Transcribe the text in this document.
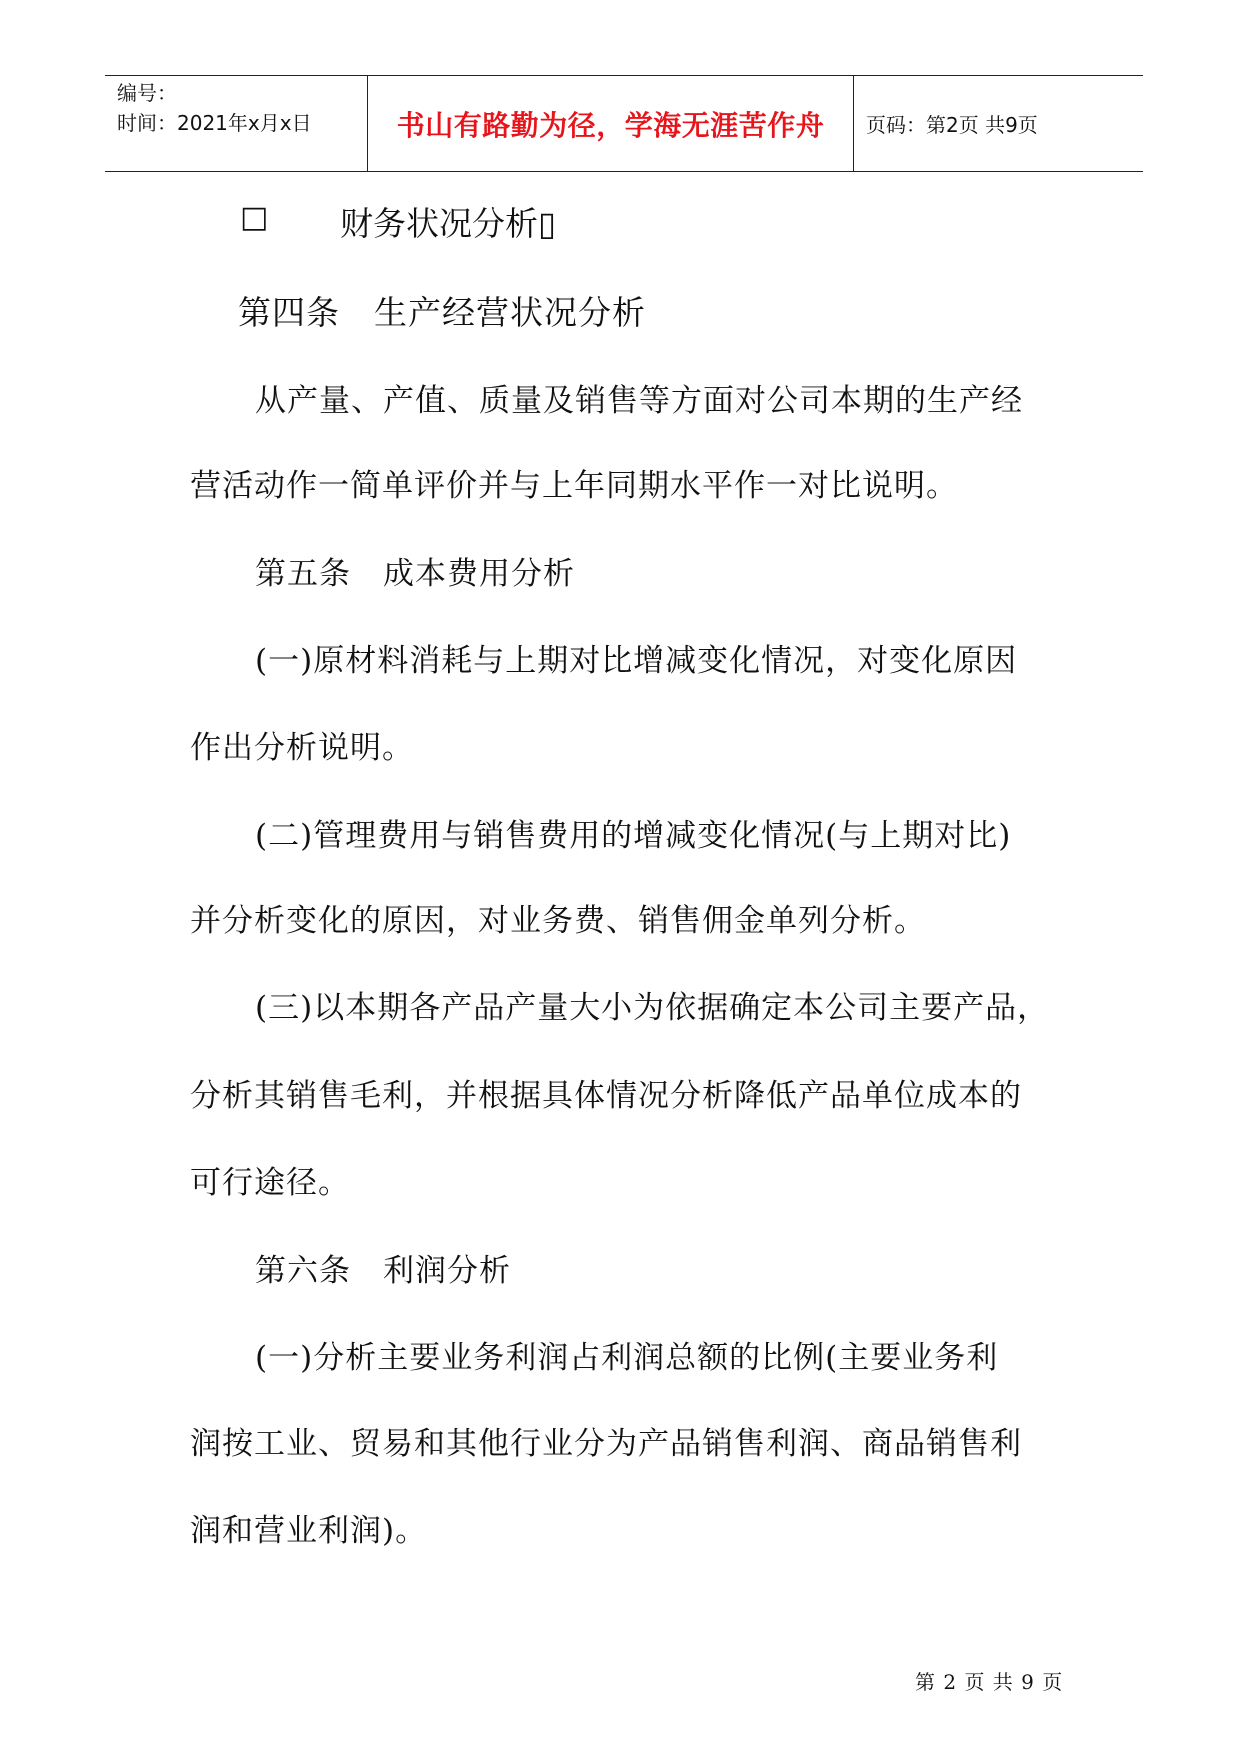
编号：
时间：2021年x月x日	书山有路勤为径，学海无涯苦作舟	页码：第2页 共9页
□ 财务状况分析▯
第四条　生产经营状况分析
从产量、产值、质量及销售等方面对公司本期的生产经
营活动作一简单评价并与上年同期水平作一对比说明。
第五条　成本费用分析
(一)原材料消耗与上期对比增减变化情况，对变化原因
作出分析说明。
(二)管理费用与销售费用的增减变化情况(与上期对比)
并分析变化的原因，对业务费、销售佣金单列分析。
(三)以本期各产品产量大小为依据确定本公司主要产品，
分析其销售毛利，并根据具体情况分析降低产品单位成本的
可行途径。
第六条　利润分析
(一)分析主要业务利润占利润总额的比例(主要业务利
润按工业、贸易和其他行业分为产品销售利润、商品销售利
润和营业利润)。
第 2 页 共 9 页
